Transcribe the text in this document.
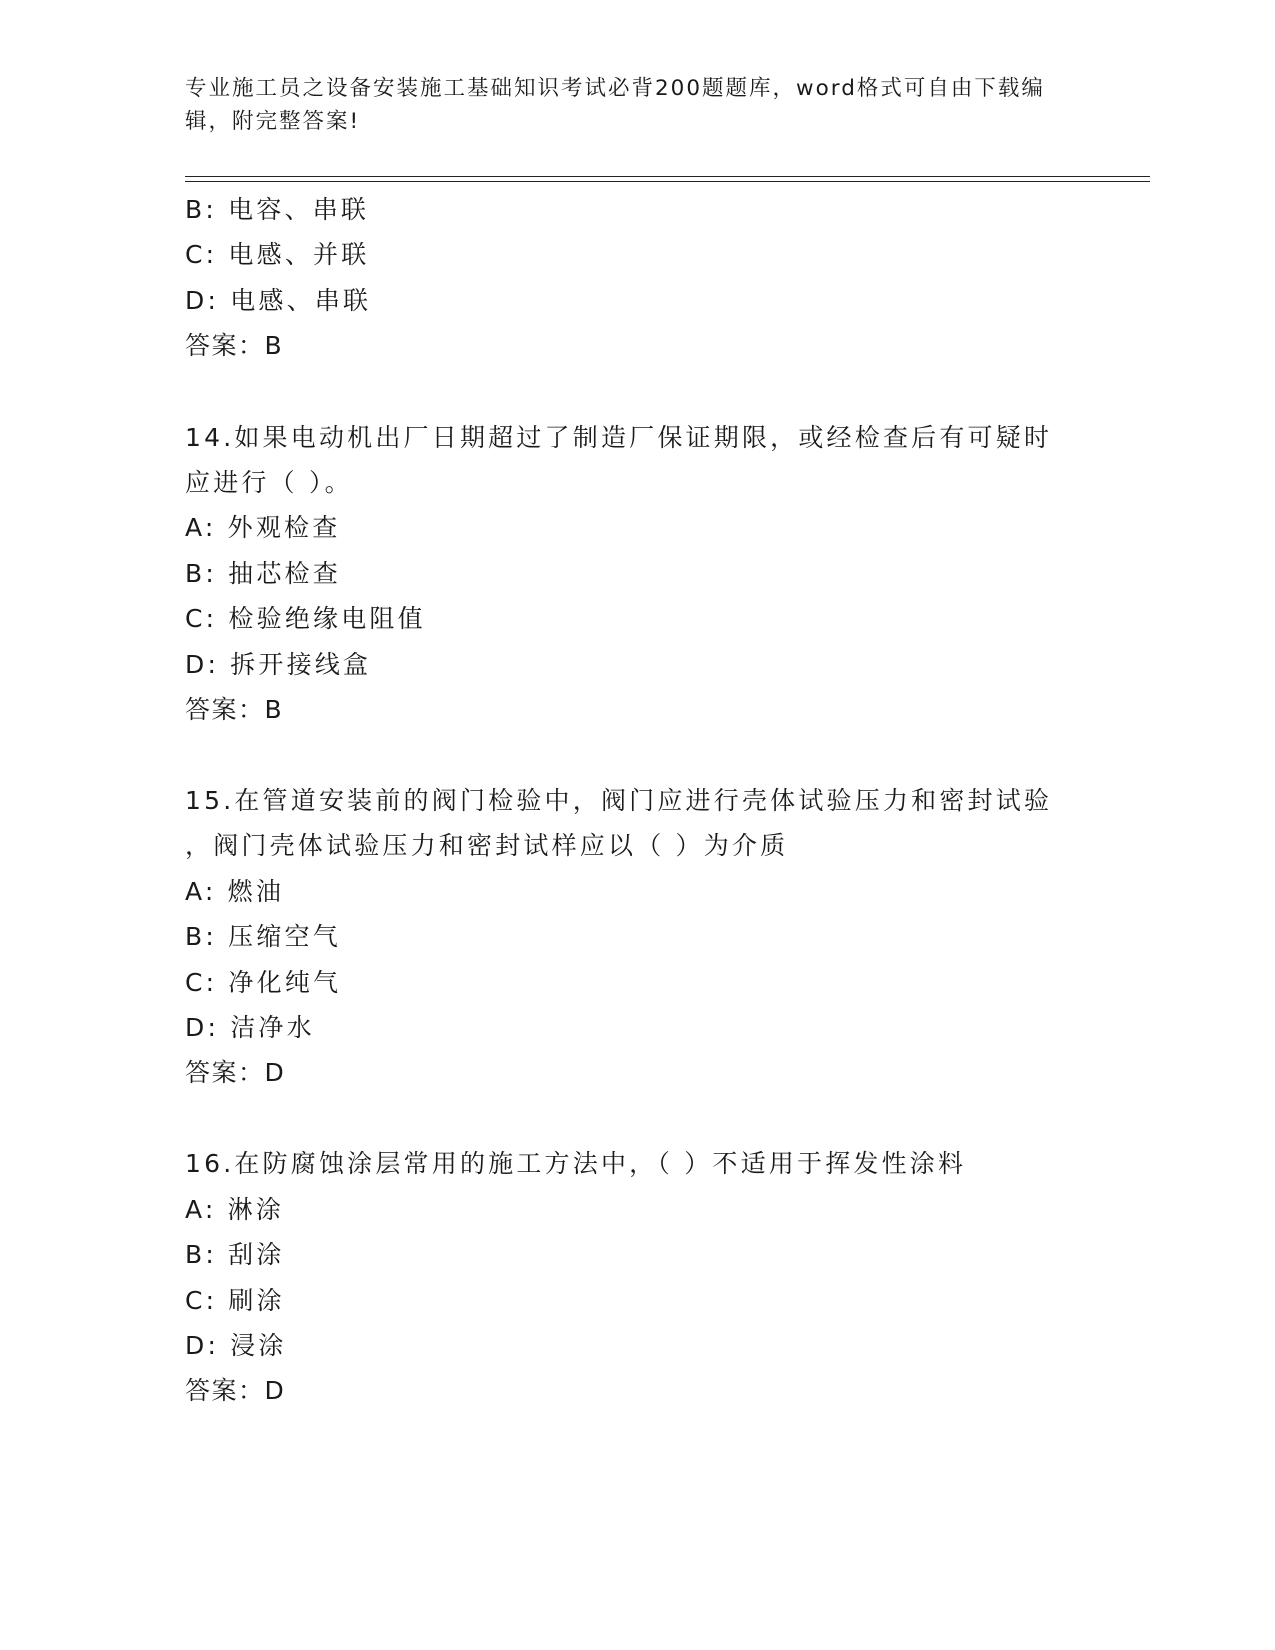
专业施工员之设备安装施工基础知识考试必背200题题库，word格式可自由下载编辑，附完整答案!
B: 电容、串联
C: 电感、并联
D: 电感、串联
答案：B
14.如果电动机出厂日期超过了制造厂保证期限，或经检查后有可疑时
应进行（ ）。
A: 外观检查
B: 抽芯检查
C: 检验绝缘电阻值
D: 拆开接线盒
答案：B
15.在管道安装前的阀门检验中，阀门应进行壳体试验压力和密封试验
，阀门壳体试验压力和密封试样应以（ ）为介质
A: 燃油
B: 压缩空气
C: 净化纯气
D: 洁净水
答案：D
16.在防腐蚀涂层常用的施工方法中，（ ）不适用于挥发性涂料
A: 淋涂
B: 刮涂
C: 刷涂
D: 浸涂
答案：D
